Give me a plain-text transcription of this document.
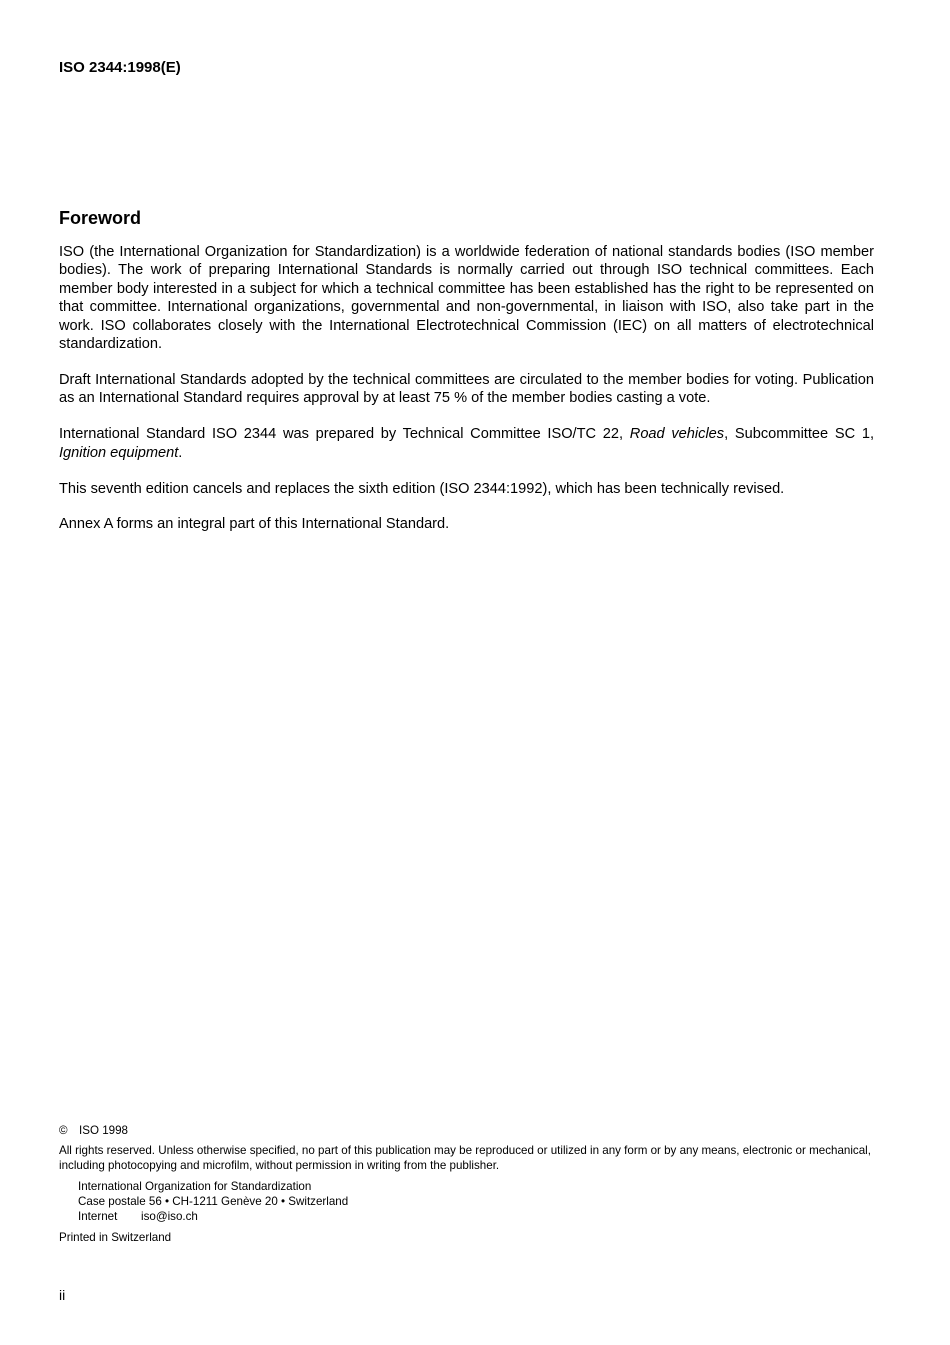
ISO 2344:1998(E)
Foreword

ISO (the International Organization for Standardization) is a worldwide federation of national standards bodies (ISO member bodies). The work of preparing International Standards is normally carried out through ISO technical committees. Each member body interested in a subject for which a technical committee has been established has the right to be represented on that committee. International organizations, governmental and non-governmental, in liaison with ISO, also take part in the work. ISO collaborates closely with the International Electrotechnical Commission (IEC) on all matters of electrotechnical standardization.

Draft International Standards adopted by the technical committees are circulated to the member bodies for voting. Publication as an International Standard requires approval by at least 75 % of the member bodies casting a vote.

International Standard ISO 2344 was prepared by Technical Committee ISO/TC 22, Road vehicles, Subcommittee SC 1, Ignition equipment.

This seventh edition cancels and replaces the sixth edition (ISO 2344:1992), which has been technically revised.

Annex A forms an integral part of this International Standard.

© ISO 1998
All rights reserved. Unless otherwise specified, no part of this publication may be reproduced or utilized in any form or by any means, electronic or mechanical, including photocopying and microfilm, without permission in writing from the publisher.
International Organization for Standardization
Case postale 56 • CH-1211 Genève 20 • Switzerland
Internet iso@iso.ch
Printed in Switzerland
ii
